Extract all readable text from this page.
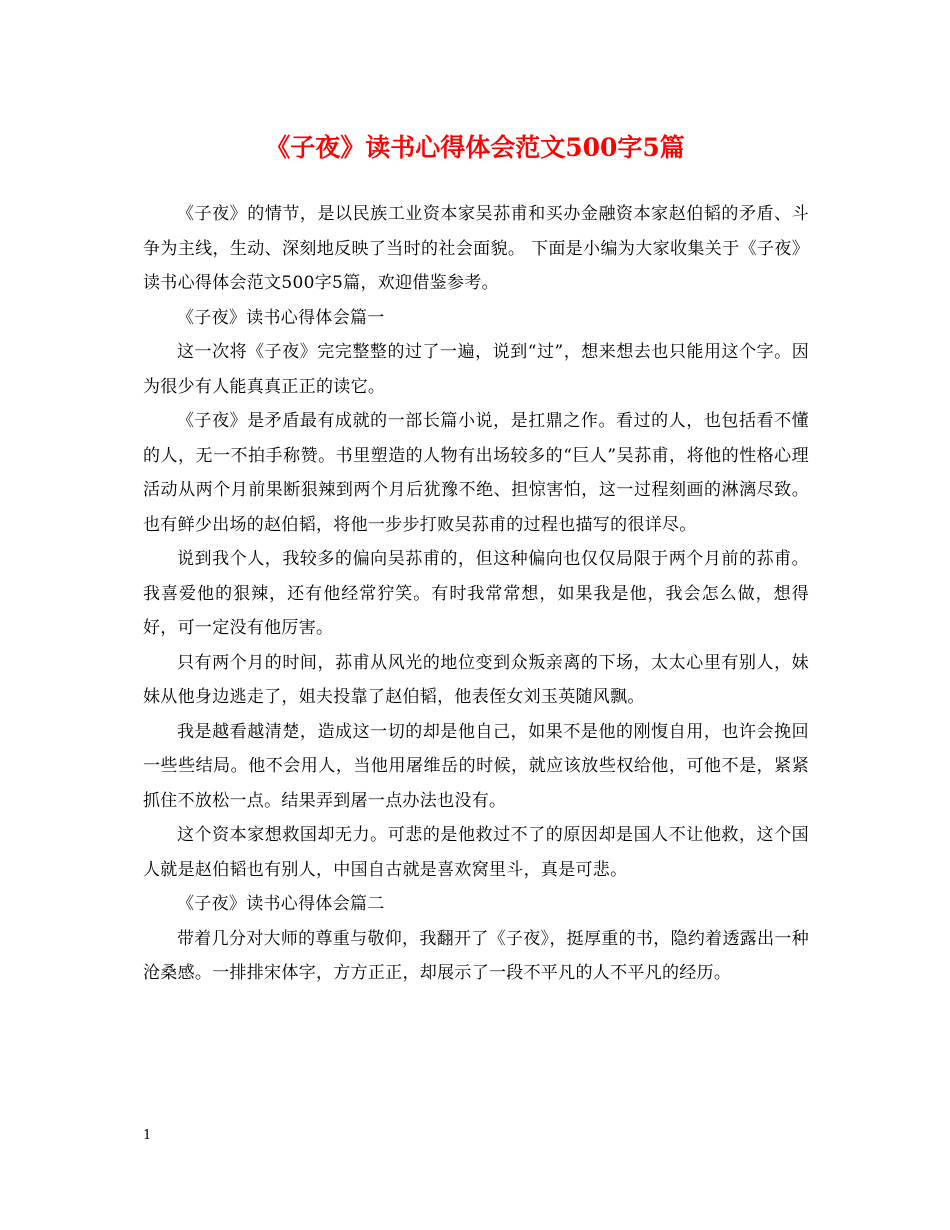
《子夜》读书心得体会范文500字5篇

《子夜》的情节，是以民族工业资本家吴荪甫和买办金融资本家赵伯韬的矛盾、斗争为主线，生动、深刻地反映了当时的社会面貌。 下面是小编为大家收集关于《子夜》读书心得体会范文500字5篇，欢迎借鉴参考。

《子夜》读书心得体会篇一

这一次将《子夜》完完整整的过了一遍，说到“过”，想来想去也只能用这个字。因为很少有人能真真正正的读它。

《子夜》是矛盾最有成就的一部长篇小说，是扛鼎之作。看过的人，也包括看不懂的人，无一不拍手称赞。书里塑造的人物有出场较多的“巨人”吴荪甫，将他的性格心理活动从两个月前果断狠辣到两个月后犹豫不绝、担惊害怕，这一过程刻画的淋漓尽致。也有鲜少出场的赵伯韬，将他一步步打败吴荪甫的过程也描写的很详尽。

说到我个人，我较多的偏向吴荪甫的，但这种偏向也仅仅局限于两个月前的荪甫。我喜爱他的狠辣，还有他经常狞笑。有时我常常想，如果我是他，我会怎么做，想得好，可一定没有他厉害。

只有两个月的时间，荪甫从风光的地位变到众叛亲离的下场，太太心里有别人，妹妹从他身边逃走了，姐夫投靠了赵伯韬，他表侄女刘玉英随风飘。

我是越看越清楚，造成这一切的却是他自己，如果不是他的刚愎自用，也许会挽回一些些结局。他不会用人，当他用屠维岳的时候，就应该放些权给他，可他不是，紧紧抓住不放松一点。结果弄到屠一点办法也没有。

这个资本家想救国却无力。可悲的是他救过不了的原因却是国人不让他救，这个国人就是赵伯韬也有别人，中国自古就是喜欢窝里斗，真是可悲。

《子夜》读书心得体会篇二

带着几分对大师的尊重与敬仰，我翻开了《子夜》，挺厚重的书，隐约着透露出一种沧桑感。一排排宋体字，方方正正，却展示了一段不平凡的人不平凡的经历。

1
